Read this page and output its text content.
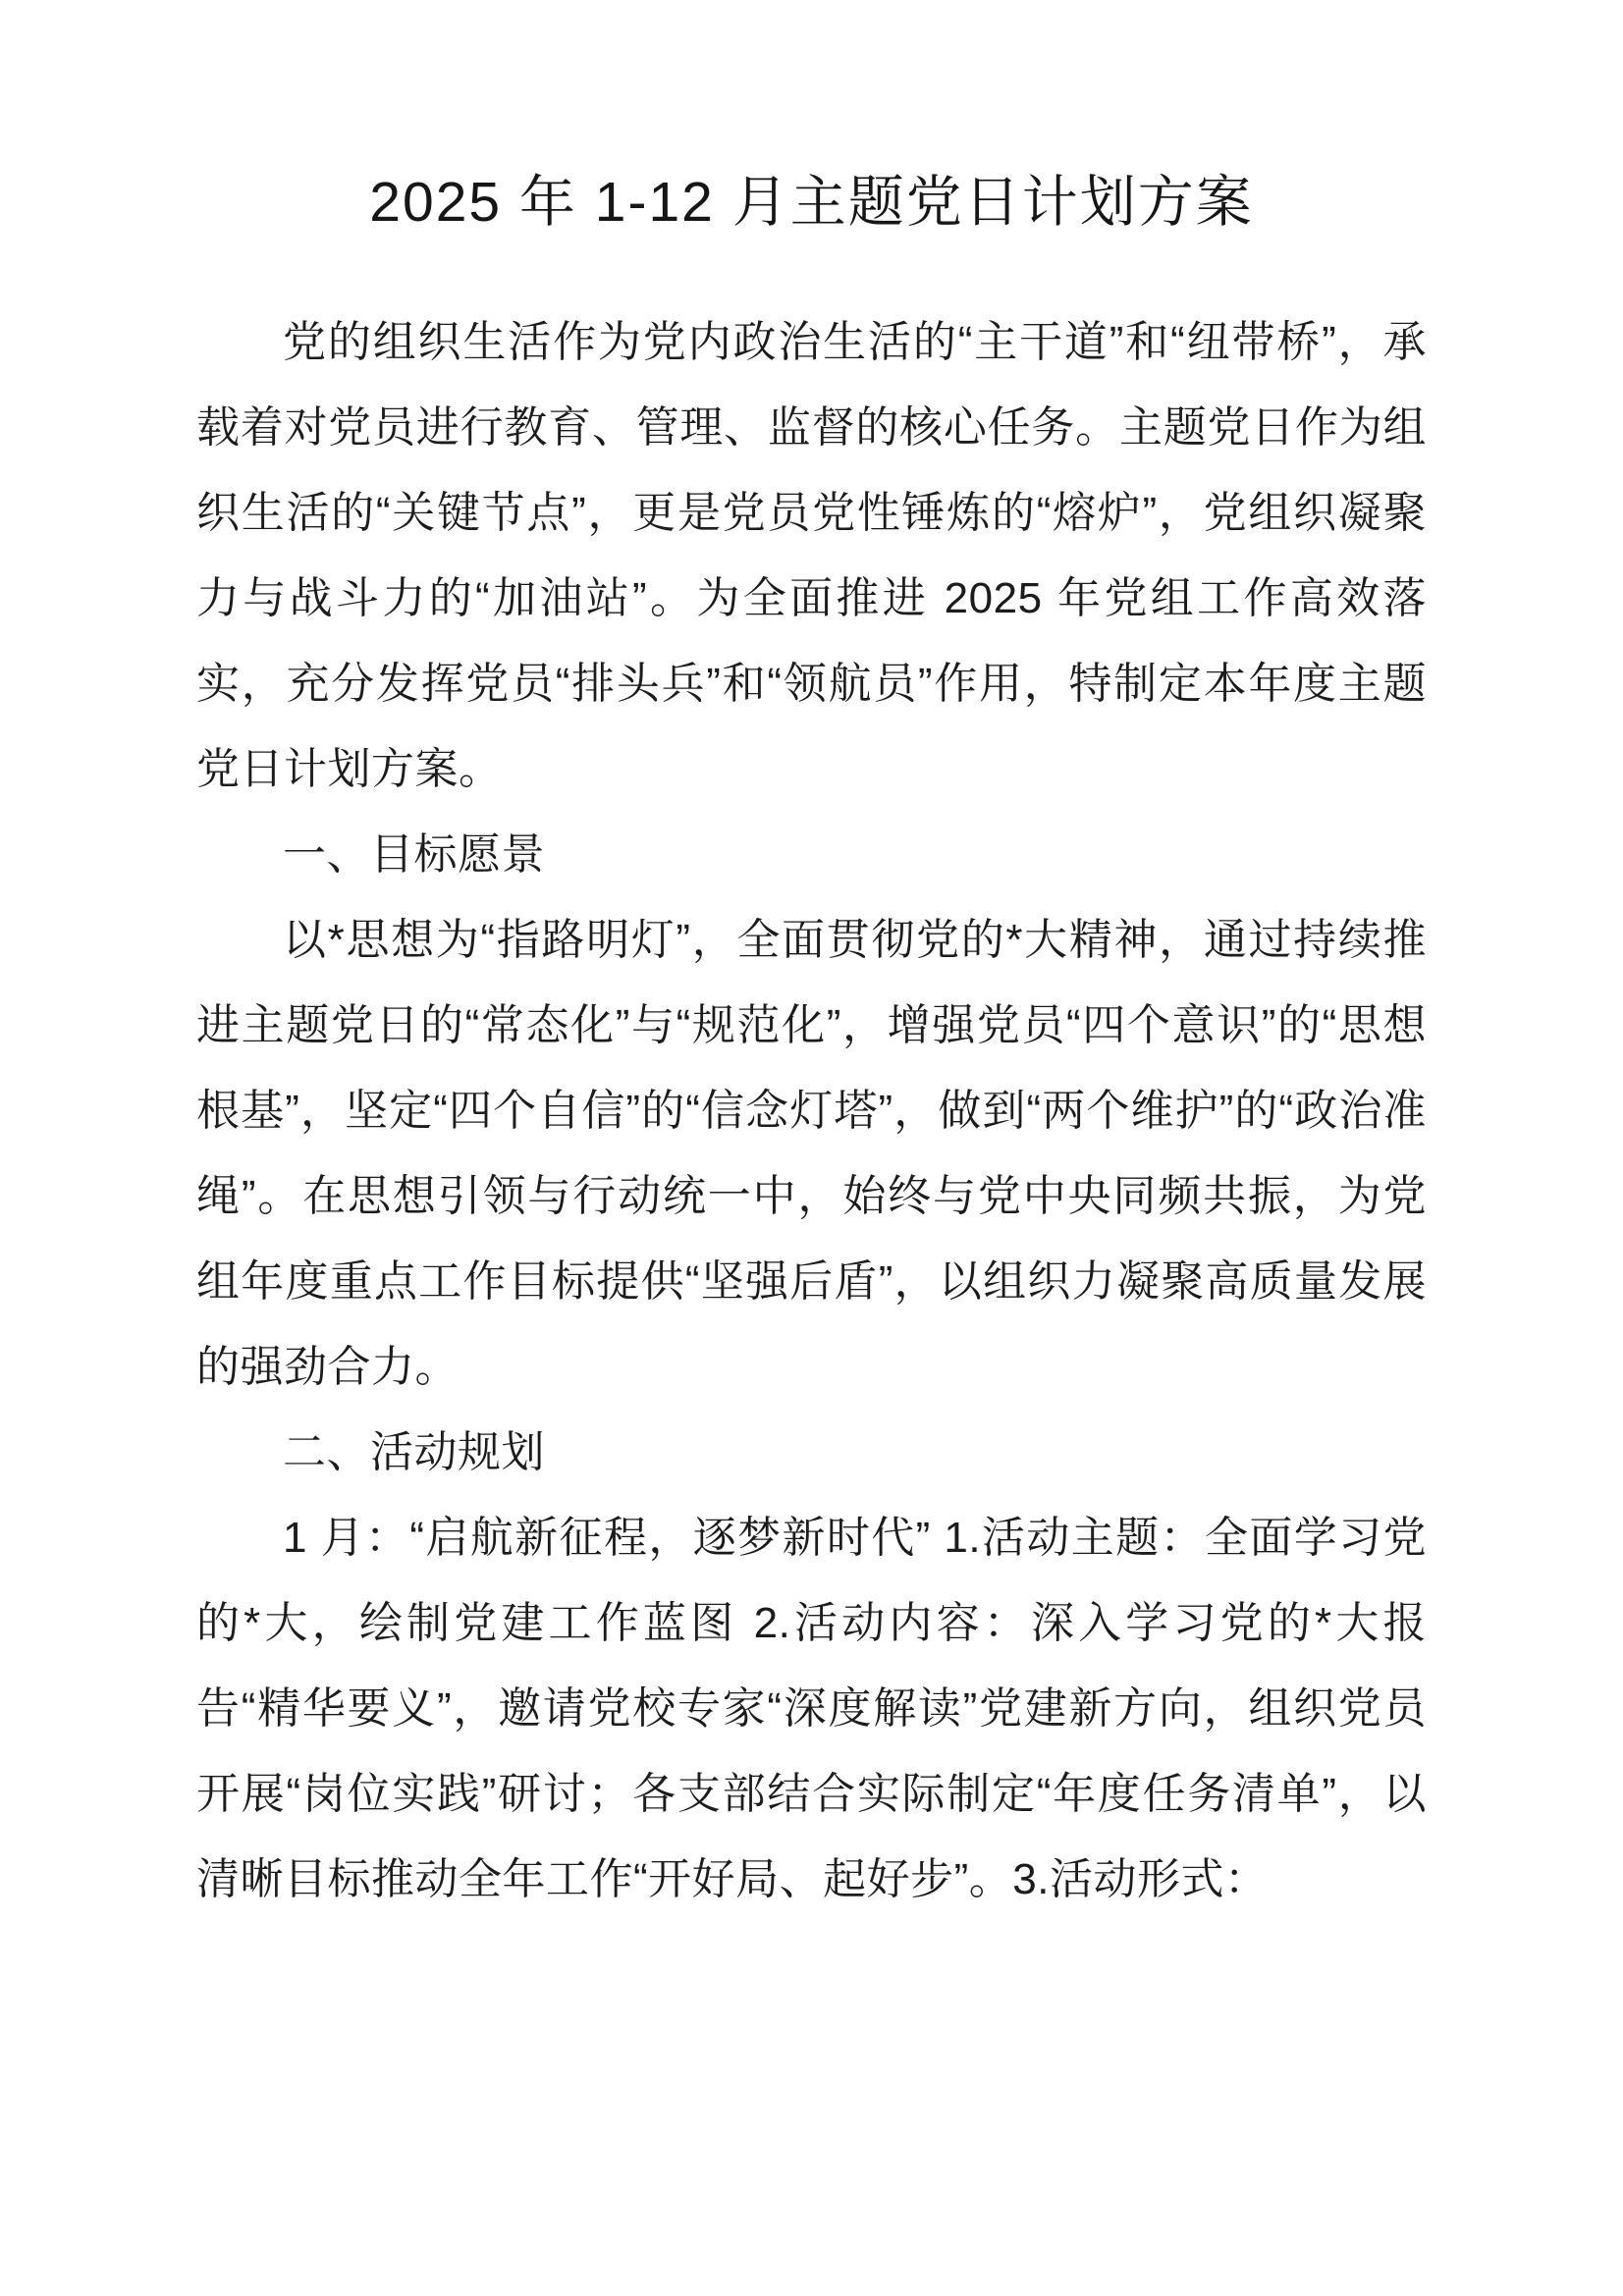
2025 年 1-12 月主题党日计划方案

党的组织生活作为党内政治生活的“主干道”和“纽带桥”，承载着对党员进行教育、管理、监督的核心任务。主题党日作为组织生活的“关键节点”，更是党员党性锤炼的“熔炉”，党组织凝聚力与战斗力的“加油站”。为全面推进 2025 年党组工作高效落实，充分发挥党员“排头兵”和“领航员”作用，特制定本年度主题党日计划方案。

一、目标愿景

以*思想为“指路明灯”，全面贯彻党的*大精神，通过持续推进主题党日的“常态化”与“规范化”，增强党员“四个意识”的“思想根基”，坚定“四个自信”的“信念灯塔”，做到“两个维护”的“政治准绳”。在思想引领与行动统一中，始终与党中央同频共振，为党组年度重点工作目标提供“坚强后盾”，以组织力凝聚高质量发展的强劲合力。

二、活动规划

1 月：“启航新征程，逐梦新时代” 1.活动主题：全面学习党的*大，绘制党建工作蓝图 2.活动内容：深入学习党的*大报告“精华要义”，邀请党校专家“深度解读”党建新方向，组织党员开展“岗位实践”研讨；各支部结合实际制定“年度任务清单”，以清晰目标推动全年工作“开好局、起好步”。3.活动形式：
